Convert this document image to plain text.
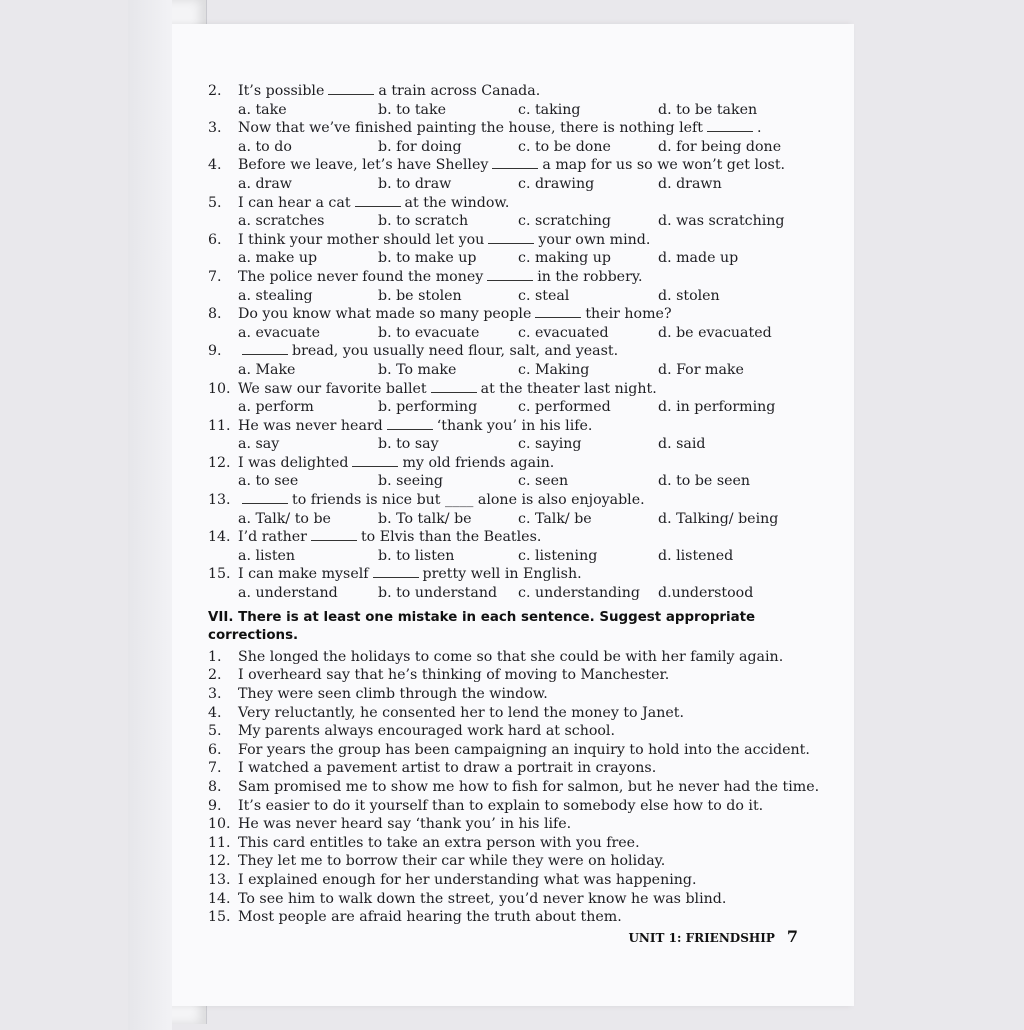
2.	It’s possible	a train across Canada.
a. take	b. to take	c. taking	d. to be taken
3.	Now that we’ve finished painting the house, there is nothing left	.
a. to do	b. for doing	c. to be done	d. for being done
4.	Before we leave, let’s have Shelley	a map for us so we won’t get lost.
a. draw	b. to draw	c. drawing	d. drawn
5.	I can hear a cat	at the window.
a. scratches	b. to scratch	c. scratching	d. was scratching
6.	I think your mother should let you	your own mind.
a. make up	b. to make up	c. making up	d. made up
7.	The police never found the money	in the robbery.
a. stealing	b. be stolen	c. steal	d. stolen
8.	Do you know what made so many people	their home?
a. evacuate	b. to evacuate	c. evacuated	d. be evacuated
9.	bread, you usually need flour, salt, and yeast.
a. Make	b. To make	c. Making	d. For make
10. We saw our favorite ballet	at the theater last night.
a. perform	b. performing	c. performed	d. in performing
11. He was never heard	‘thank you’ in his life.
a. say	b. to say	c. saying	d. said
12. I was delighted	my old friends again.
a. to see	b. seeing	c. seen	d. to be seen
13.	to friends is nice but ____ alone is also enjoyable.
a. Talk/ to be	b. To talk/ be	c. Talk/ be	d. Talking/ being
14. I’d rather	to Elvis than the Beatles.
a. listen	b. to listen	c. listening	d. listened
15. I can make myself	pretty well in English.
a. understand	b. to understand	c. understanding	d.understood
VII. There is at least one mistake in each sentence. Suggest appropriate corrections.
1.	She longed the holidays to come so that she could be with her family again.
2.	I overheard say that he’s thinking of moving to Manchester.
3.	They were seen climb through the window.
4.	Very reluctantly, he consented her to lend the money to Janet.
5.	My parents always encouraged work hard at school.
6.	For years the group has been campaigning an inquiry to hold into the accident.
7.	I watched a pavement artist to draw a portrait in crayons.
8.	Sam promised me to show me how to fish for salmon, but he never had the time.
9.	It’s easier to do it yourself than to explain to somebody else how to do it.
10. He was never heard say ‘thank you’ in his life.
11. This card entitles to take an extra person with you free.
12. They let me to borrow their car while they were on holiday.
13. I explained enough for her understanding what was happening.
14. To see him to walk down the street, you’d never know he was blind.
15. Most people are afraid hearing the truth about them.
UNIT 1: FRIENDSHIP 7
